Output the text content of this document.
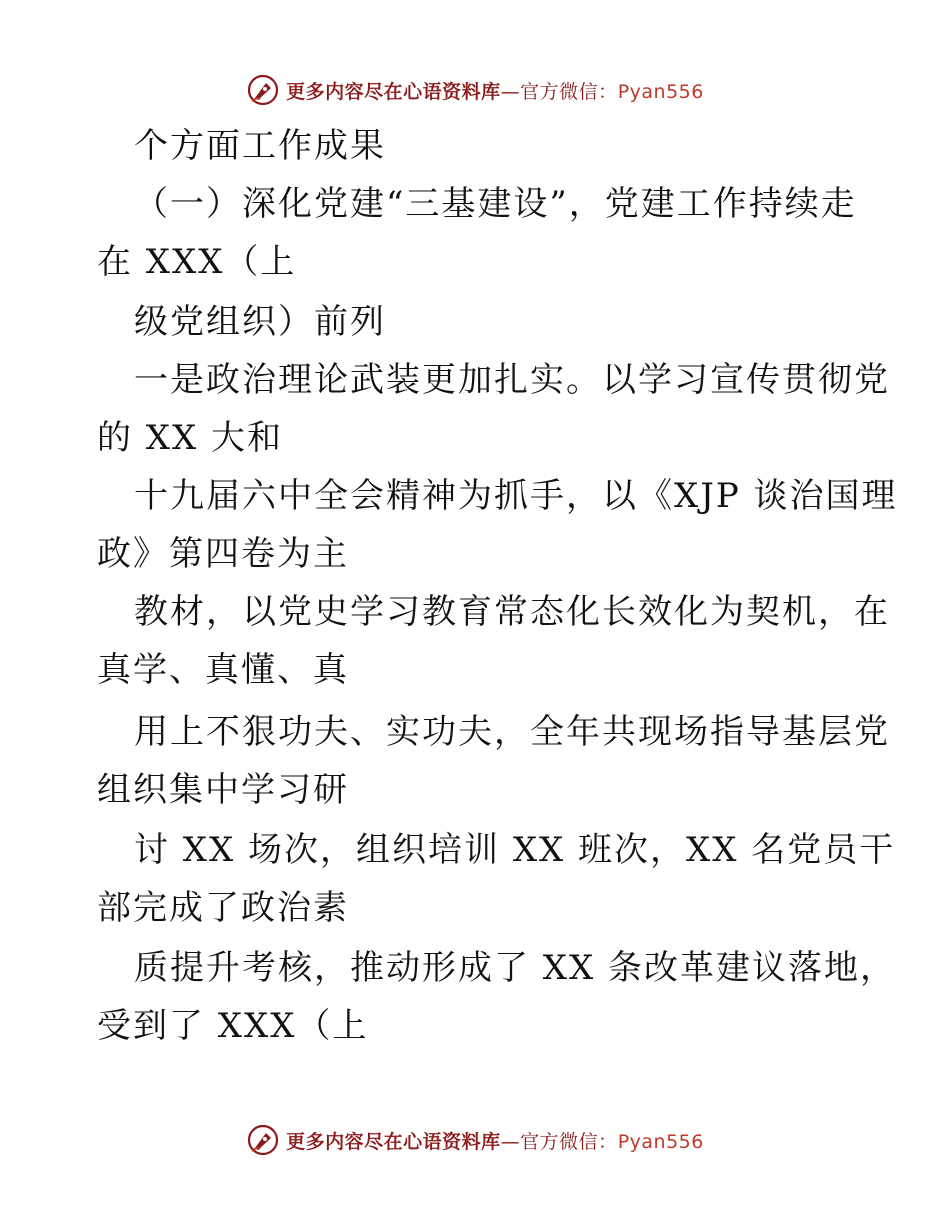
更多内容尽在心语资料库—官方微信：Pyan556
个方面工作成果
（一）深化党建“三基建设”，党建工作持续走
在 XXX（上
级党组织）前列
一是政治理论武装更加扎实。以学习宣传贯彻党
的 XX 大和
十九届六中全会精神为抓手，以《XJP 谈治国理
政》第四卷为主
教材，以党史学习教育常态化长效化为契机，在
真学、真懂、真
用上不狠功夫、实功夫，全年共现场指导基层党
组织集中学习研
讨 XX 场次，组织培训 XX 班次，XX 名党员干
部完成了政治素
质提升考核，推动形成了 XX 条改革建议落地，
受到了 XXX（上
更多内容尽在心语资料库—官方微信：Pyan556
